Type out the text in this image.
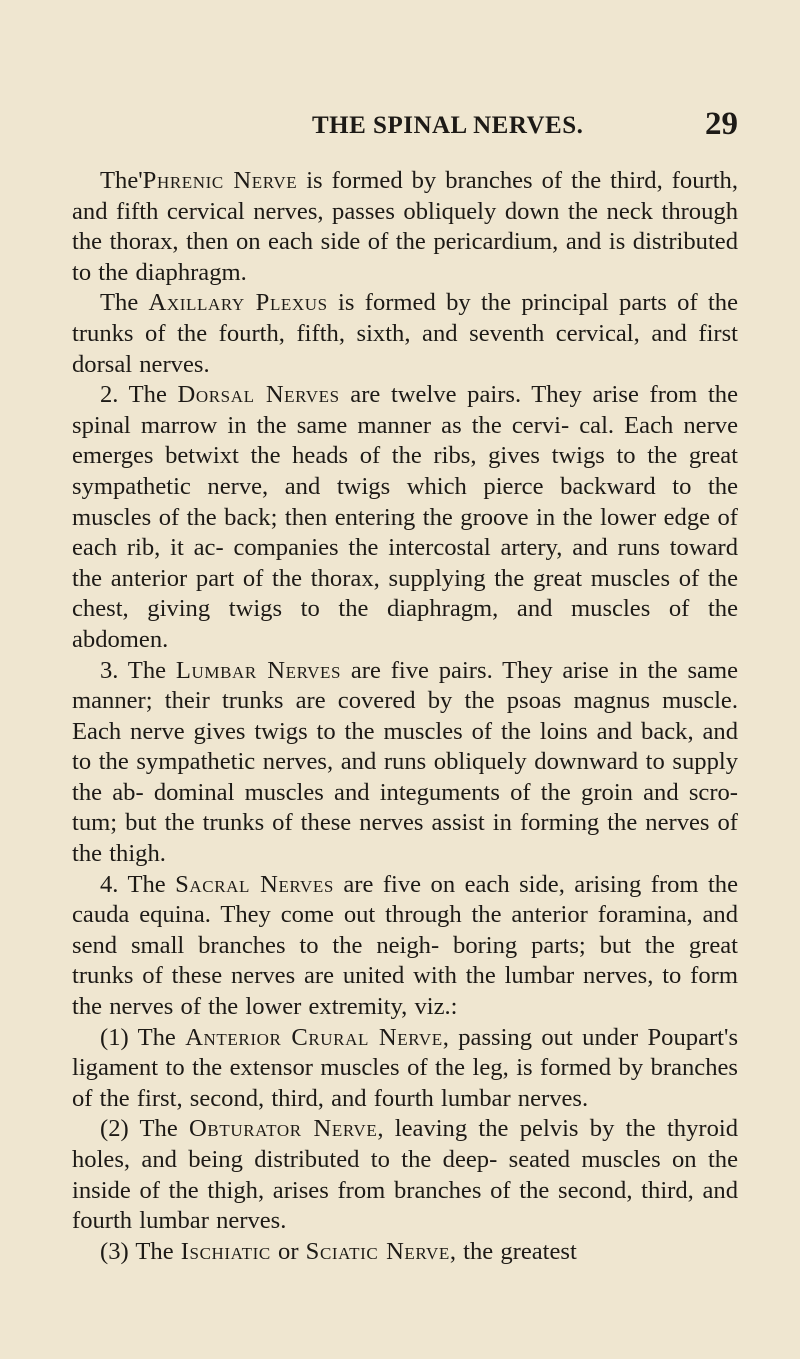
THE SPINAL NERVES.	29

The'Phrenic Nerve is formed by branches of the third, fourth, and fifth cervical nerves, passes obliquely down the neck through the thorax, then on each side of the pericardium, and is distributed to the diaphragm.

The Axillary Plexus is formed by the principal parts of the trunks of the fourth, fifth, sixth, and seventh cervical, and first dorsal nerves.

2. The Dorsal Nerves are twelve pairs. They arise from the spinal marrow in the same manner as the cervi- cal. Each nerve emerges betwixt the heads of the ribs, gives twigs to the great sympathetic nerve, and twigs which pierce backward to the muscles of the back; then entering the groove in the lower edge of each rib, it ac- companies the intercostal artery, and runs toward the anterior part of the thorax, supplying the great muscles of the chest, giving twigs to the diaphragm, and muscles of the abdomen.

3. The Lumbar Nerves are five pairs. They arise in the same manner; their trunks are covered by the psoas magnus muscle. Each nerve gives twigs to the muscles of the loins and back, and to the sympathetic nerves, and runs obliquely downward to supply the ab- dominal muscles and integuments of the groin and scro- tum; but the trunks of these nerves assist in forming the nerves of the thigh.

4. The Sacral Nerves are five on each side, arising from the cauda equina. They come out through the anterior foramina, and send small branches to the neigh- boring parts; but the great trunks of these nerves are united with the lumbar nerves, to form the nerves of the lower extremity, viz.:

(1) The Anterior Crural Nerve, passing out under Poupart's ligament to the extensor muscles of the leg, is formed by branches of the first, second, third, and fourth lumbar nerves.

(2) The Obturator Nerve, leaving the pelvis by the thyroid holes, and being distributed to the deep- seated muscles on the inside of the thigh, arises from branches of the second, third, and fourth lumbar nerves.

(3) The Ischiatic or Sciatic Nerve, the greatest
